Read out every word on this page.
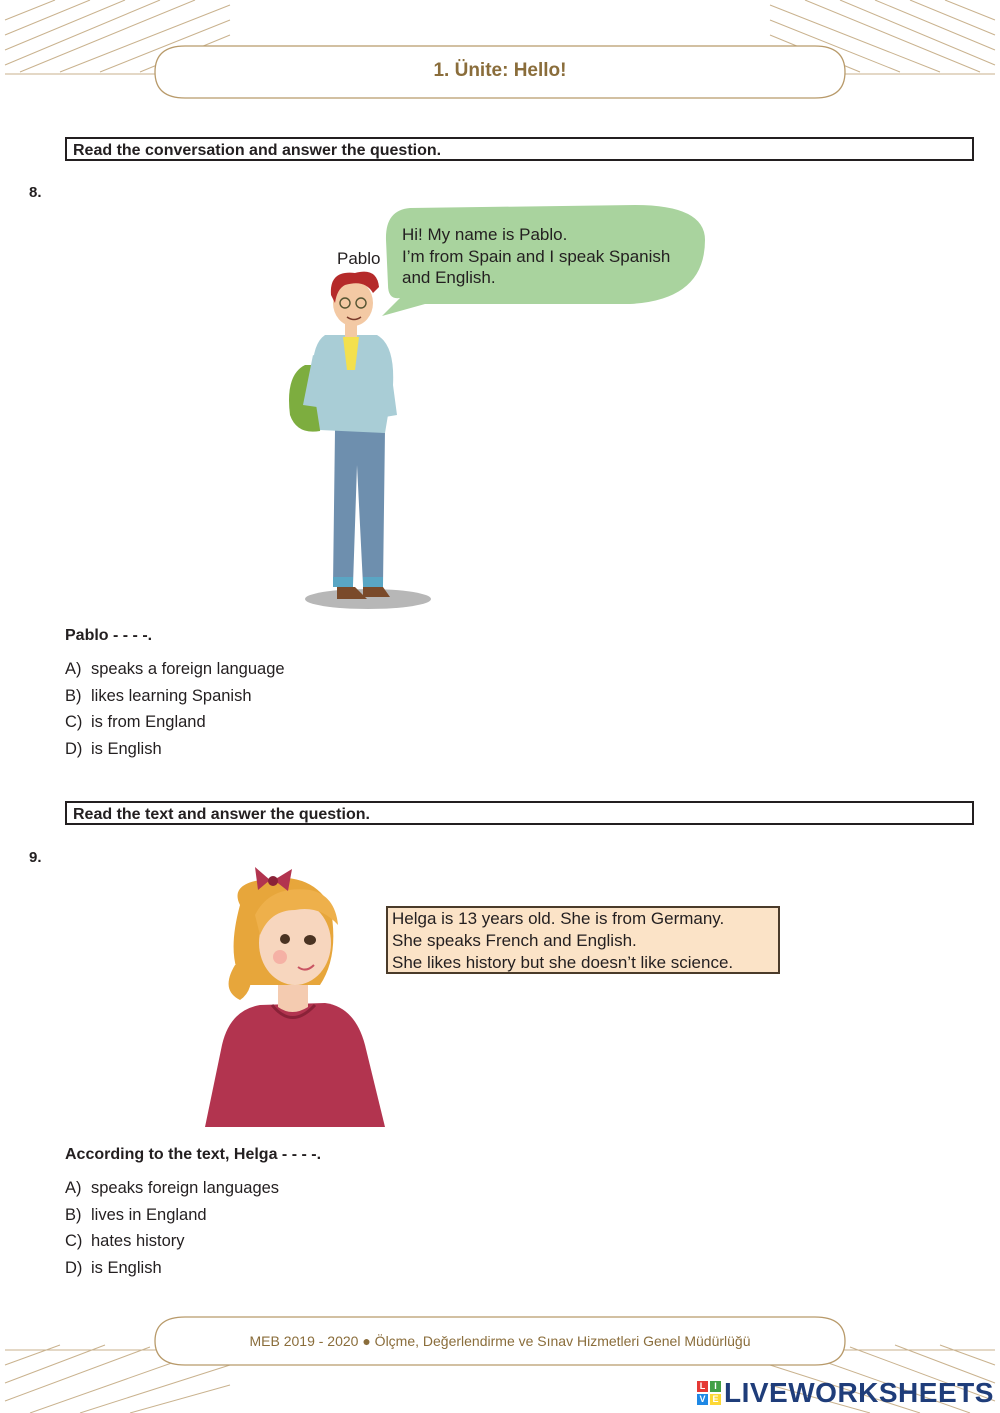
1. Ünite: Hello!
Read the conversation and answer the question.
8.
Hi! My name is Pablo.
I’m from Spain and I speak Spanish
and English.
Pablo
Pablo - - - -.
A) speaks a foreign language
B) likes learning Spanish
C) is from England
D) is English
Read the text and answer the question.
9.
Helga is 13 years old. She is from Germany.
She speaks French and English.
She likes history but she doesn’t like science.
According to the text, Helga - - - -.
A) speaks foreign languages
B) lives in England
C) hates history
D) is English
MEB 2019 - 2020 ● Ölçme, Değerlendirme ve Sınav Hizmetleri Genel Müdürlüğü
L I
V E LIVEWORKSHEETS
